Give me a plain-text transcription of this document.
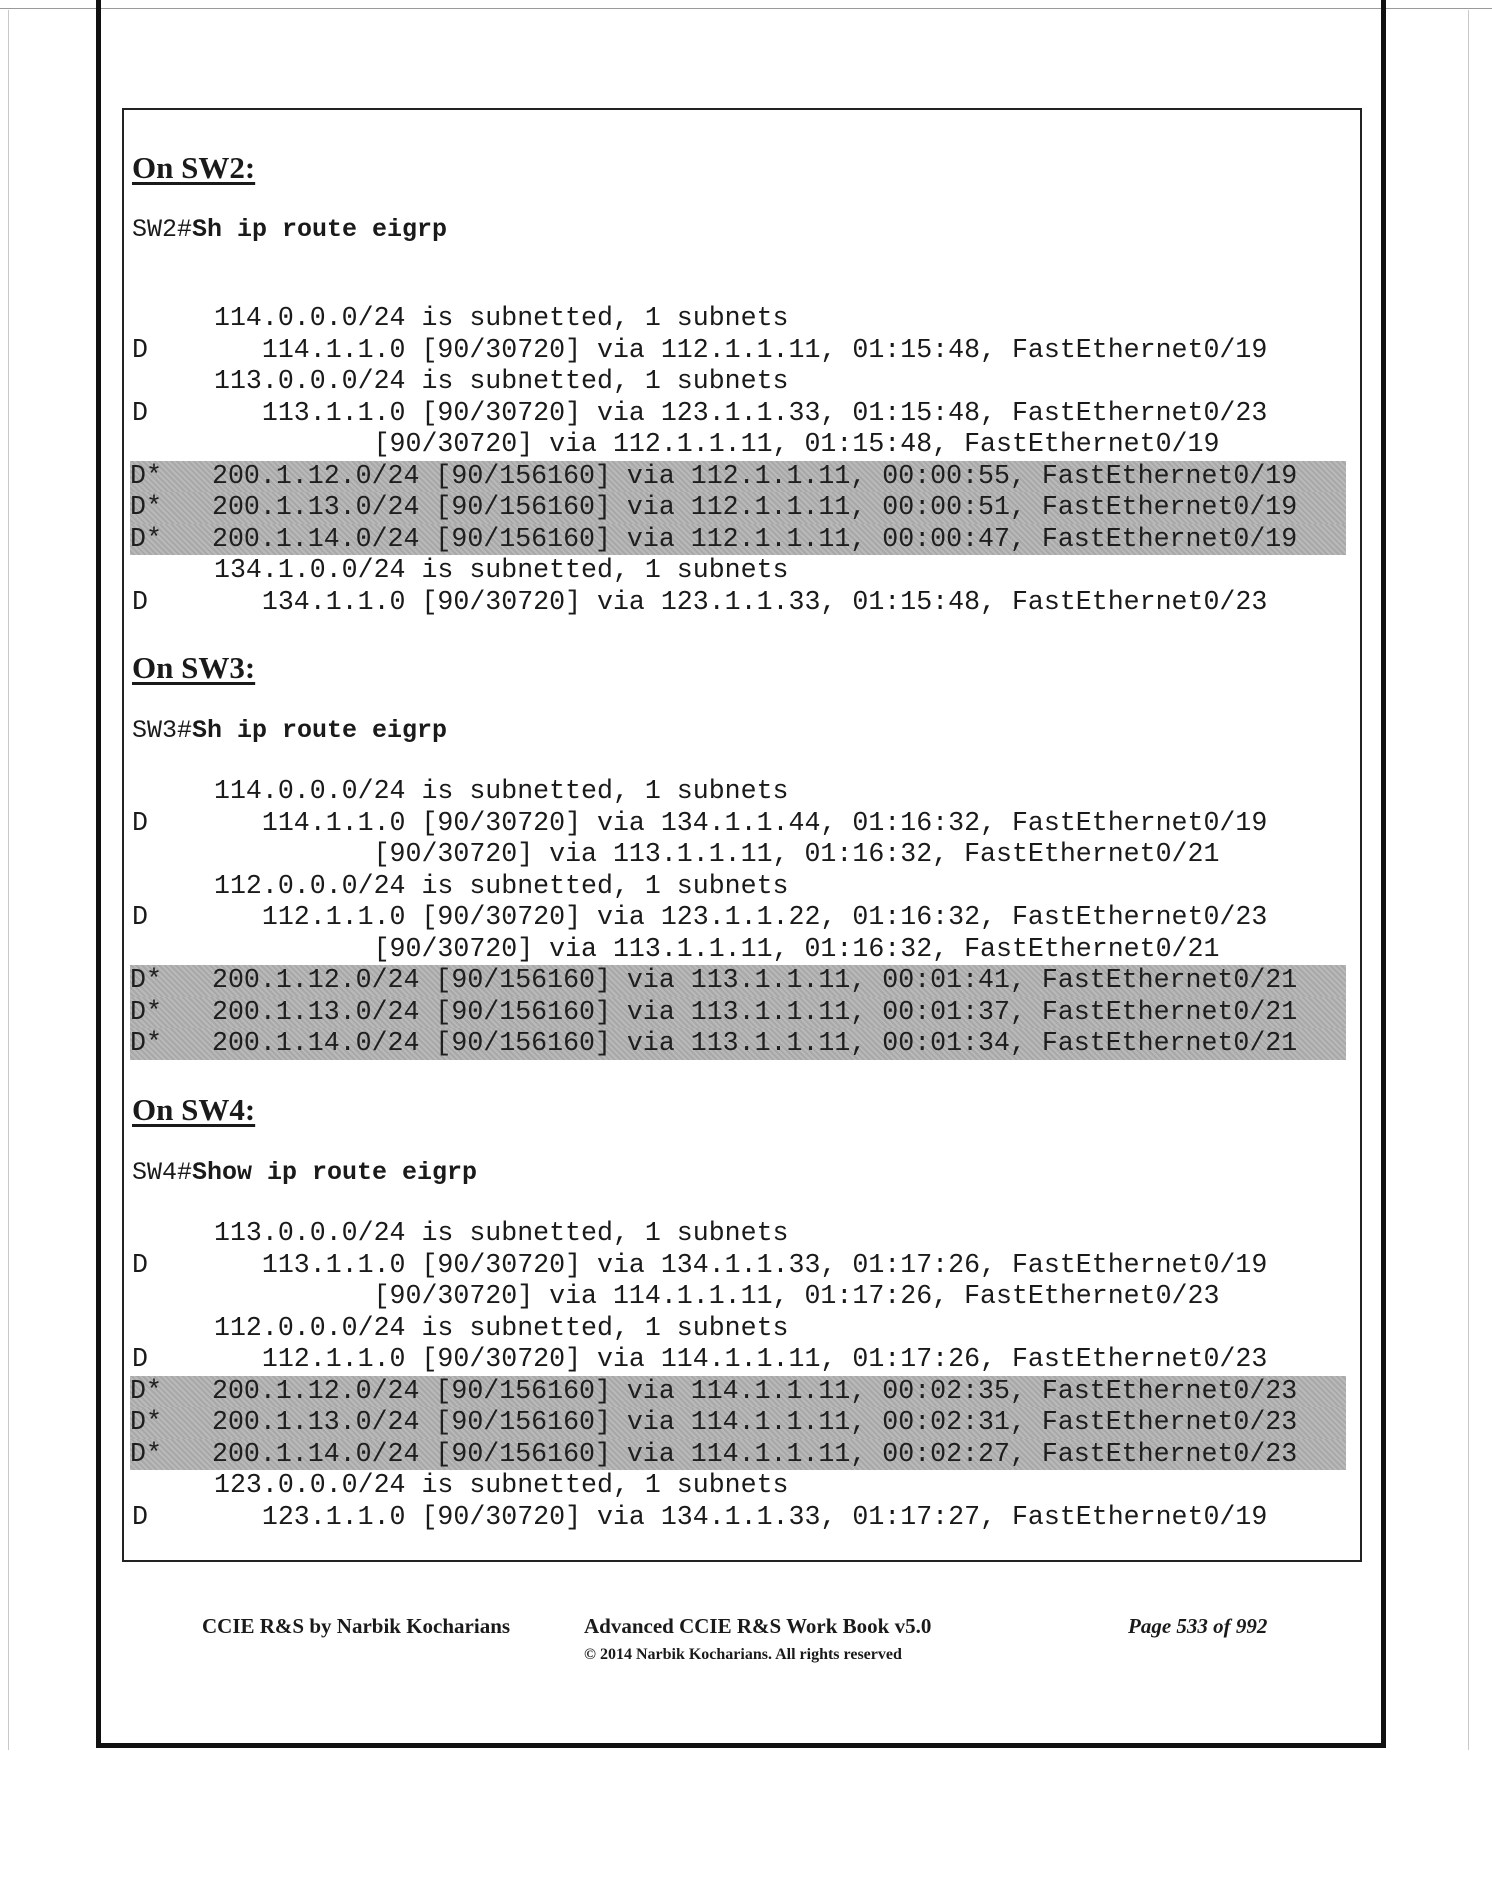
On SW2:
SW2#Sh ip route eigrp
114.0.0.0/24 is subnetted, 1 subnets
D	114.1.1.0 [90/30720] via 112.1.1.11, 01:15:48, FastEthernet0/19
113.0.0.0/24 is subnetted, 1 subnets
D	113.1.1.0 [90/30720] via 123.1.1.33, 01:15:48, FastEthernet0/23
[90/30720] via 112.1.1.11, 01:15:48, FastEthernet0/19
D*	200.1.12.0/24 [90/156160] via 112.1.1.11, 00:00:55, FastEthernet0/19
D*	200.1.13.0/24 [90/156160] via 112.1.1.11, 00:00:51, FastEthernet0/19
D*	200.1.14.0/24 [90/156160] via 112.1.1.11, 00:00:47, FastEthernet0/19
134.1.0.0/24 is subnetted, 1 subnets
D	134.1.1.0 [90/30720] via 123.1.1.33, 01:15:48, FastEthernet0/23
On SW3:
SW3#Sh ip route eigrp
114.0.0.0/24 is subnetted, 1 subnets
D	114.1.1.0 [90/30720] via 134.1.1.44, 01:16:32, FastEthernet0/19
[90/30720] via 113.1.1.11, 01:16:32, FastEthernet0/21
112.0.0.0/24 is subnetted, 1 subnets
D	112.1.1.0 [90/30720] via 123.1.1.22, 01:16:32, FastEthernet0/23
[90/30720] via 113.1.1.11, 01:16:32, FastEthernet0/21
D*	200.1.12.0/24 [90/156160] via 113.1.1.11, 00:01:41, FastEthernet0/21
D*	200.1.13.0/24 [90/156160] via 113.1.1.11, 00:01:37, FastEthernet0/21
D*	200.1.14.0/24 [90/156160] via 113.1.1.11, 00:01:34, FastEthernet0/21
On SW4:
SW4#Show ip route eigrp
113.0.0.0/24 is subnetted, 1 subnets
D	113.1.1.0 [90/30720] via 134.1.1.33, 01:17:26, FastEthernet0/19
[90/30720] via 114.1.1.11, 01:17:26, FastEthernet0/23
112.0.0.0/24 is subnetted, 1 subnets
D	112.1.1.0 [90/30720] via 114.1.1.11, 01:17:26, FastEthernet0/23
D*	200.1.12.0/24 [90/156160] via 114.1.1.11, 00:02:35, FastEthernet0/23
D*	200.1.13.0/24 [90/156160] via 114.1.1.11, 00:02:31, FastEthernet0/23
D*	200.1.14.0/24 [90/156160] via 114.1.1.11, 00:02:27, FastEthernet0/23
123.0.0.0/24 is subnetted, 1 subnets
D	123.1.1.0 [90/30720] via 134.1.1.33, 01:17:27, FastEthernet0/19
CCIE R&S by Narbik Kocharians	Advanced CCIE R&S Work Book v5.0
© 2014 Narbik Kocharians. All rights reserved
Page 533 of 992
